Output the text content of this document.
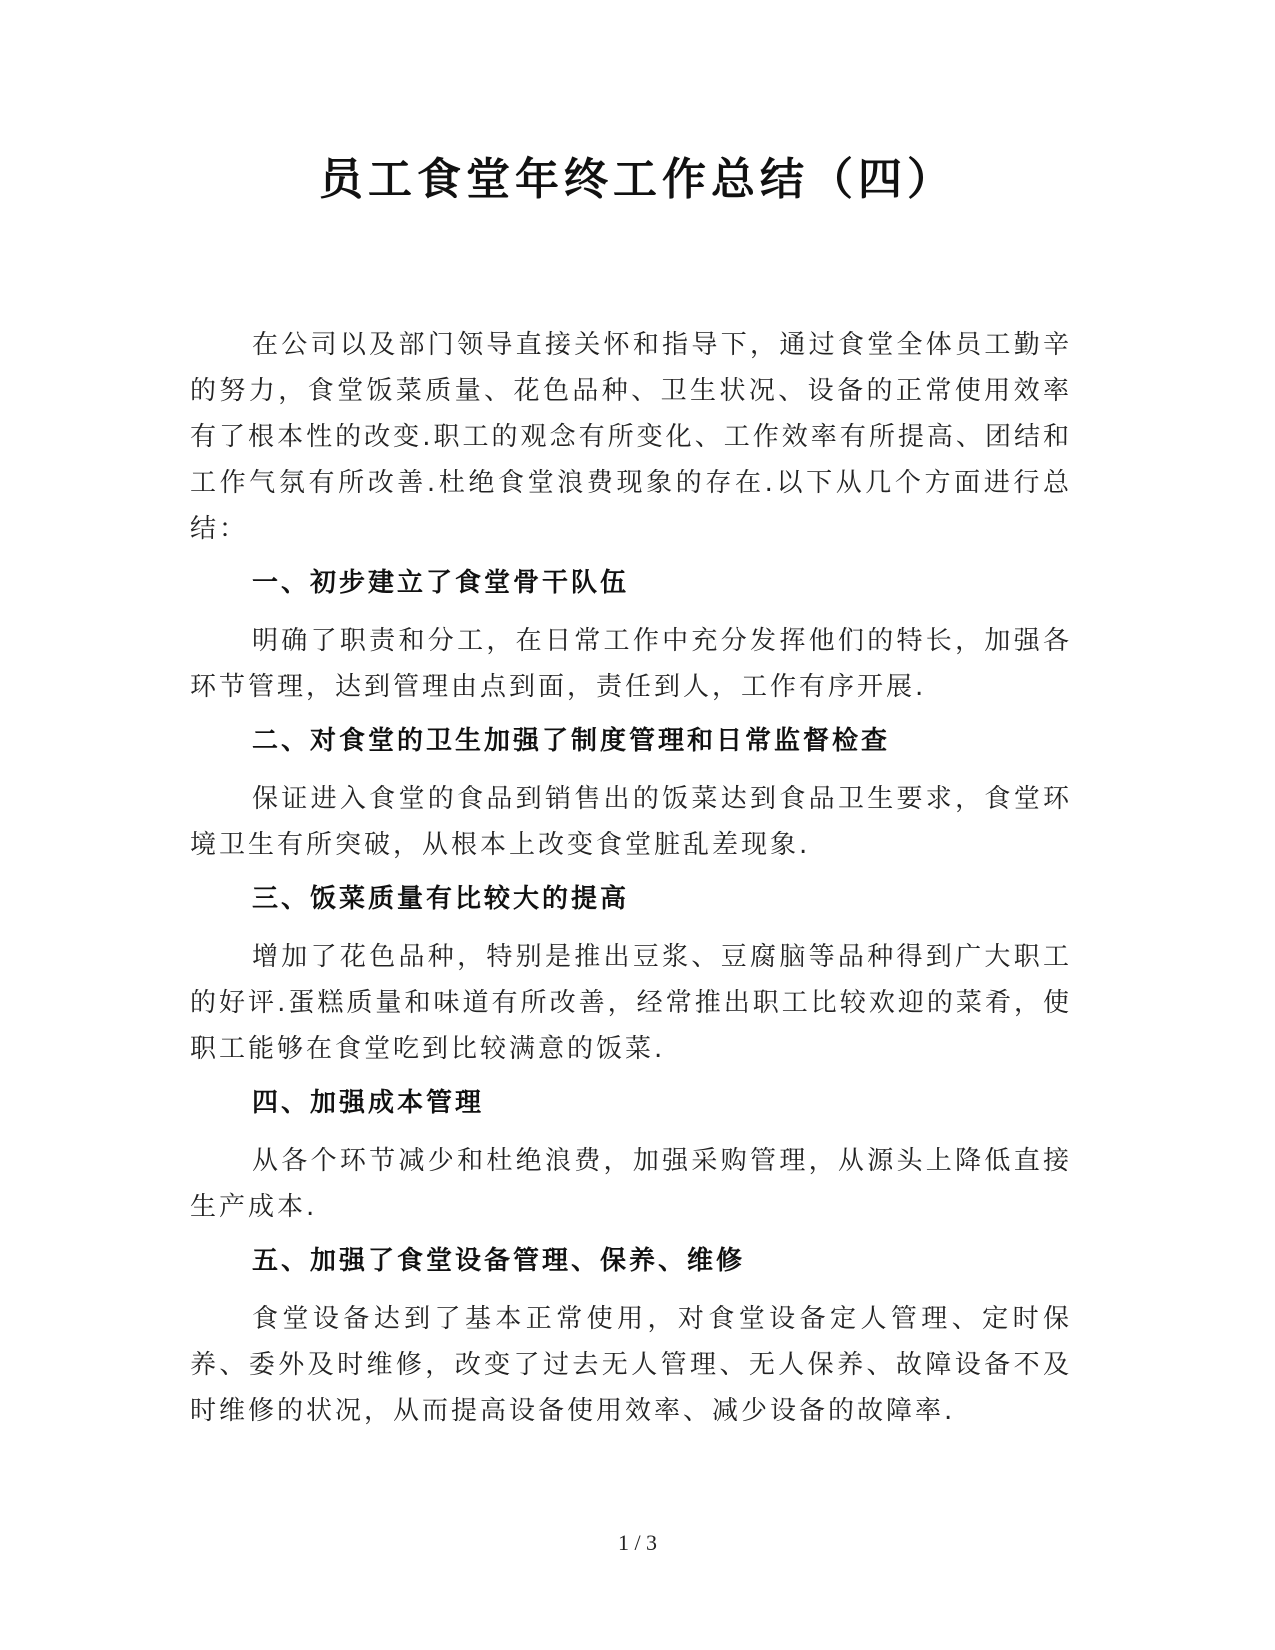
员工食堂年终工作总结（四）

在公司以及部门领导直接关怀和指导下，通过食堂全体员工勤辛的努力，食堂饭菜质量、花色品种、卫生状况、设备的正常使用效率有了根本性的改变.职工的观念有所变化、工作效率有所提高、团结和工作气氛有所改善.杜绝食堂浪费现象的存在.以下从几个方面进行总结：

一、初步建立了食堂骨干队伍

明确了职责和分工，在日常工作中充分发挥他们的特长，加强各环节管理，达到管理由点到面，责任到人，工作有序开展.

二、对食堂的卫生加强了制度管理和日常监督检查

保证进入食堂的食品到销售出的饭菜达到食品卫生要求，食堂环境卫生有所突破，从根本上改变食堂脏乱差现象.

三、饭菜质量有比较大的提高

增加了花色品种，特别是推出豆浆、豆腐脑等品种得到广大职工的好评.蛋糕质量和味道有所改善，经常推出职工比较欢迎的菜肴，使职工能够在食堂吃到比较满意的饭菜.

四、加强成本管理

从各个环节减少和杜绝浪费，加强采购管理，从源头上降低直接生产成本.

五、加强了食堂设备管理、保养、维修

食堂设备达到了基本正常使用，对食堂设备定人管理、定时保养、委外及时维修，改变了过去无人管理、无人保养、故障设备不及时维修的状况，从而提高设备使用效率、减少设备的故障率.

1 / 3
